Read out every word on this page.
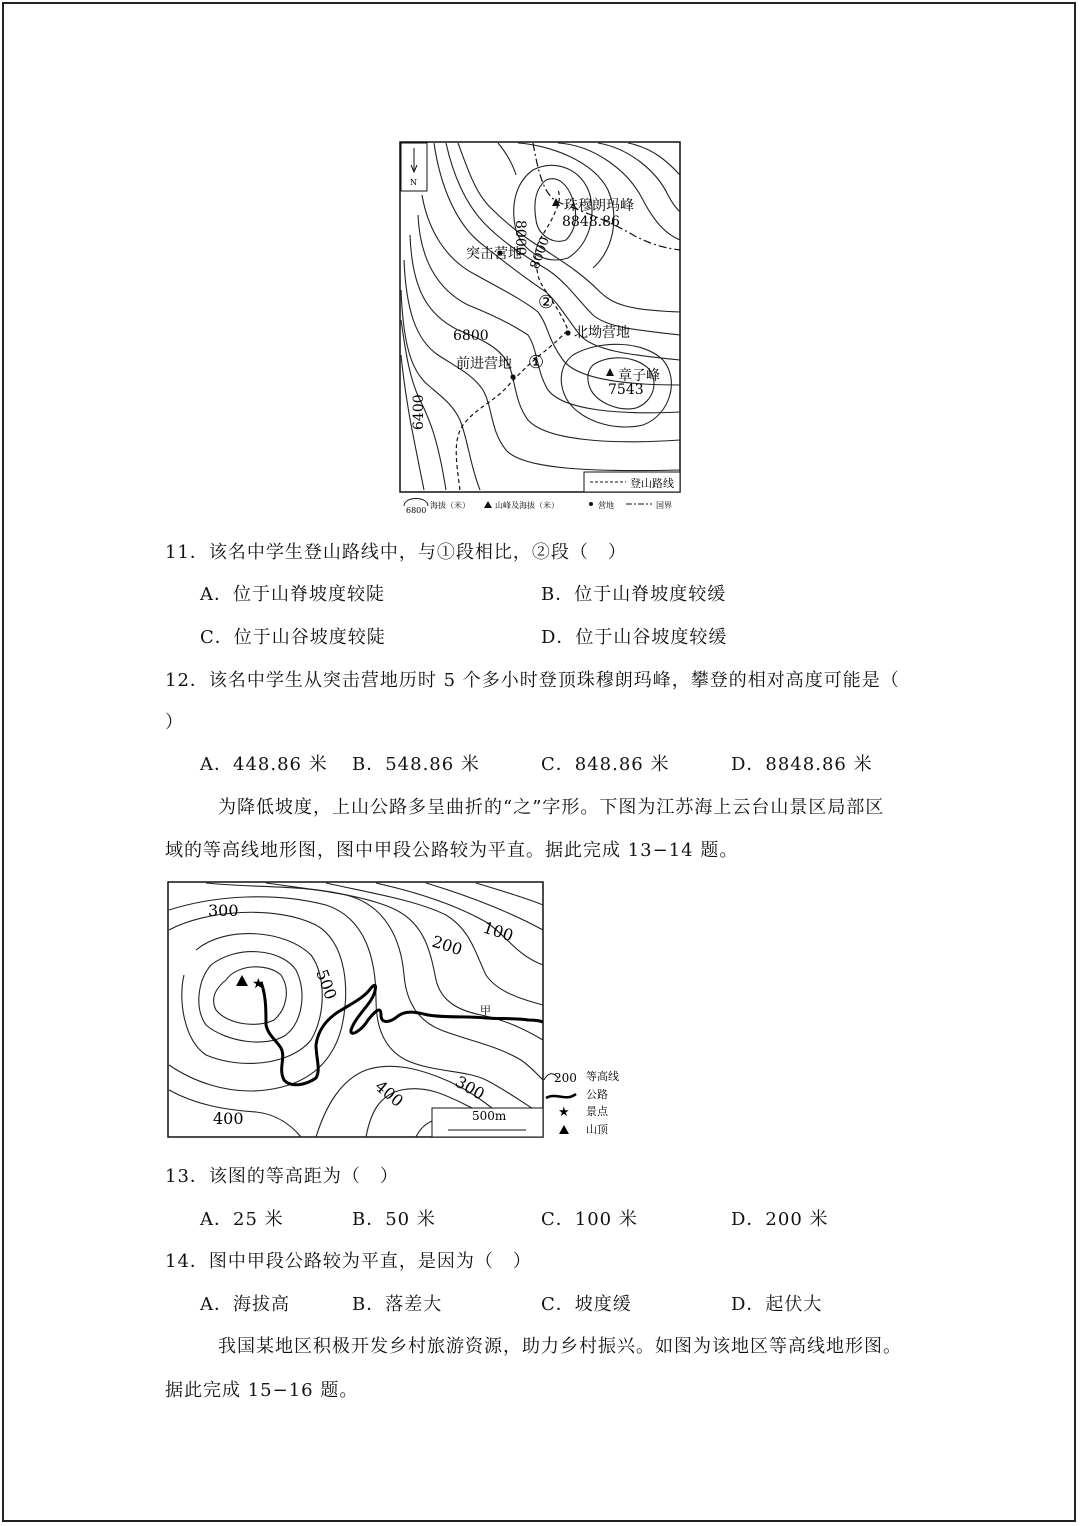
N
8000 8000
6800
6400
珠穆朗玛峰
8848.86
突击营地
②
北坳营地
前进营地 ①
章子峰
7543
登山路线
6800
海拔（米）	山峰及海拔（米）	营地	国界
11．该名中学生登山路线中，与①段相比，②段（　）
A．位于山脊坡度较陡	B．位于山脊坡度较缓
C．位于山谷坡度较陡	D．位于山谷坡度较缓
12．该名中学生从突击营地历时 5 个多小时登顶珠穆朗玛峰，攀登的相对高度可能是（
）
A．448.86 米 B．548.86 米	C．848.86 米	D．8848.86 米
为降低坡度，上山公路多呈曲折的“之”字形。下图为江苏海上云台山景区局部区
域的等高线地形图，图中甲段公路较为平直。据此完成 13−14 题。
★
300
100
200
500
甲
400	300
400	500m
200 等高线
公路
★ 景点
山顶
13．该图的等高距为（　）
A．25 米	B．50 米	C．100 米	D．200 米
14．图中甲段公路较为平直，是因为（　）
A．海拔高	B．落差大	C．坡度缓	D．起伏大
我国某地区积极开发乡村旅游资源，助力乡村振兴。如图为该地区等高线地形图。
据此完成 15−16 题。
